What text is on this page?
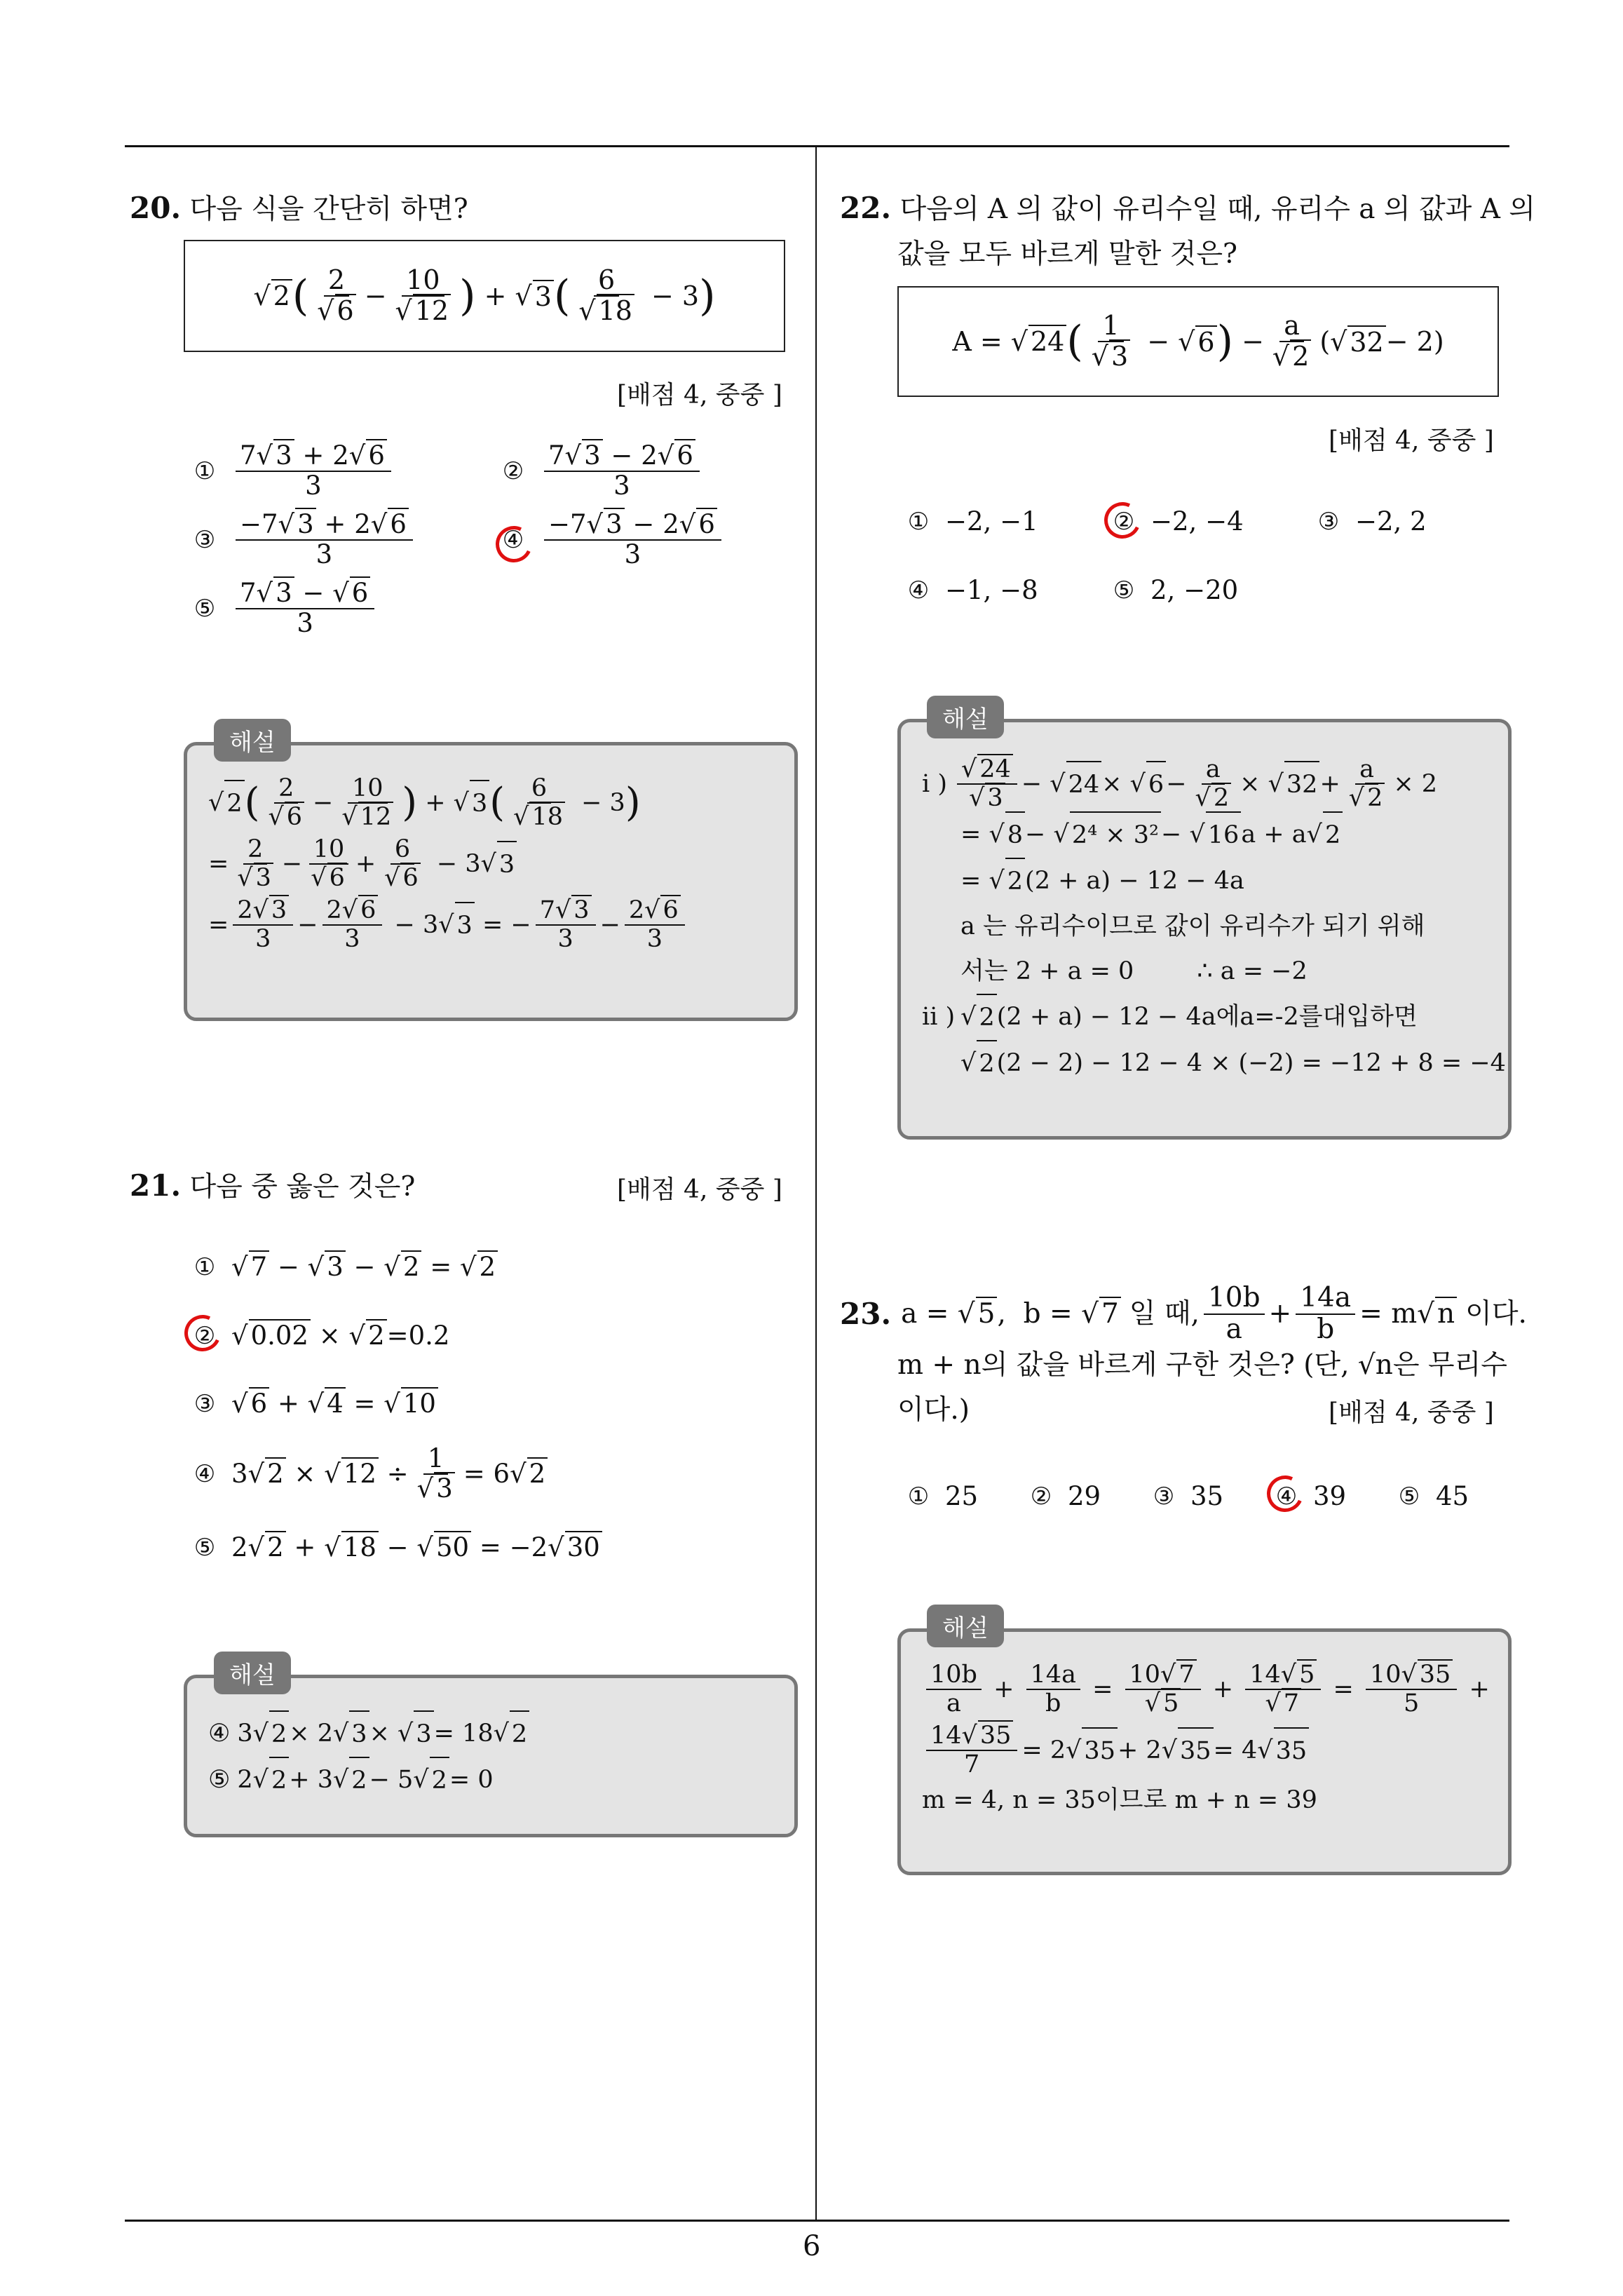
6
20. 다음 식을 간단히 하면?
√ 2 ( $\frac{2}{√ 6} - \frac{10}{√ 12}$ ) + √ 3 ( $\frac{6}{√ 18} - 3$ )
[배점 4, 중중 ]
① $\frac{7√ 3 + 2√ 6}{3}$	② $\frac{7√ 3 - 2√ 6}{3}$
③ $\frac{-7√ 3 + 2√ 6}{3}$	④ $\frac{-7√ 3 - 2√ 6}{3}$
⑤ $\frac{7√ 3 - √ 6}{3}$
√ 2 ( $\frac{2}{√ 6} - \frac{10}{√ 12}$ ) + √ 3 ( $\frac{6}{√ 18} - 3$ )
= $\frac{2}{√ 3} - \frac{10}{√ 6} + \frac{6}{√ 6} - 3√$ 3
= $\frac{2√ 3}{3} - \frac{2√ 6}{3} - 3√$ 3 = − $\frac{7√ 3}{3} - \frac{2√ 6}{3}$
해설
21. 다음 중 옳은 것은?	[배점 4, 중중 ]
① √ 7 − √ 3 − √ 2 = √ 2
② √ 0.02 × √ 2 =0.2
③ √ 6 + √ 4 = √ 10
④ 3√ 2 × √ $12 \div \frac{1}{√ 3} = 6√$ 2
⑤ 2√ 2 + √ 18 − √ 50 = −2√ 30
④ 3√ 2 × 2√ 3 × √ 3 = 18√ 2
⑤ 2√ 2 + 3√ 2 − 5√ 2 = 0
해설
22. 다음의 A 의 값이 유리수일 때, 유리수 a 의 값과 A 의
값을 모두 바르게 말한 것은?
A = √ 24 ( $\frac{1}{√ 3}$ − √ 6 ) − $\frac{a}{√ 2}$ (√ 32 − 2)
[배점 4, 중중 ]
① −2, −1	② −2, −4	③ −2, 2
④ −1, −8	⑤ 2, −20
i ) $\frac{√ 24}{√ 3}$ − √ 24 × √ $6 - \frac{a}{√ 2}$ × √ $32 + \frac{a}{√ 2} \times 2$
= √ 8 − √ 2⁴ × 3² − √ 16 a + a√ 2
= √ 2 (2 + a) − 12 − 4a
a 는 유리수이므로 값이 유리수가 되기 위해
서는 2 + a = 0	∴ a = −2
ii ) √ 2 (2 + a) − 12 − 4a 에a=-2를대입하면
√ 2 (2 − 2) − 12 − 4 × (−2) = −12 + 8 = −4
해설
23. a = √ 5,  b = √ 7 일 때, $\frac{10b}{a} + \frac{14a}{b} = m√$ n 이다.
m + n의 값을 바르게 구한 것은? (단, √n은 무리수
이다.)	[배점 4, 중중 ]
① 25 ② 29 ③ 35 ④ 39 ⑤ 45
$\frac{10b}{a} + \frac{14a}{b} = \frac{10√ 7}{√ 5} + \frac{14√ 5}{√ 7} = \frac{10√ 35}{5}$ +
$\frac{14√ 35}{7} = 2√$ 35 + 2√ 35 = 4√ 35
m = 4, n = 35이므로 m + n = 39
해설
